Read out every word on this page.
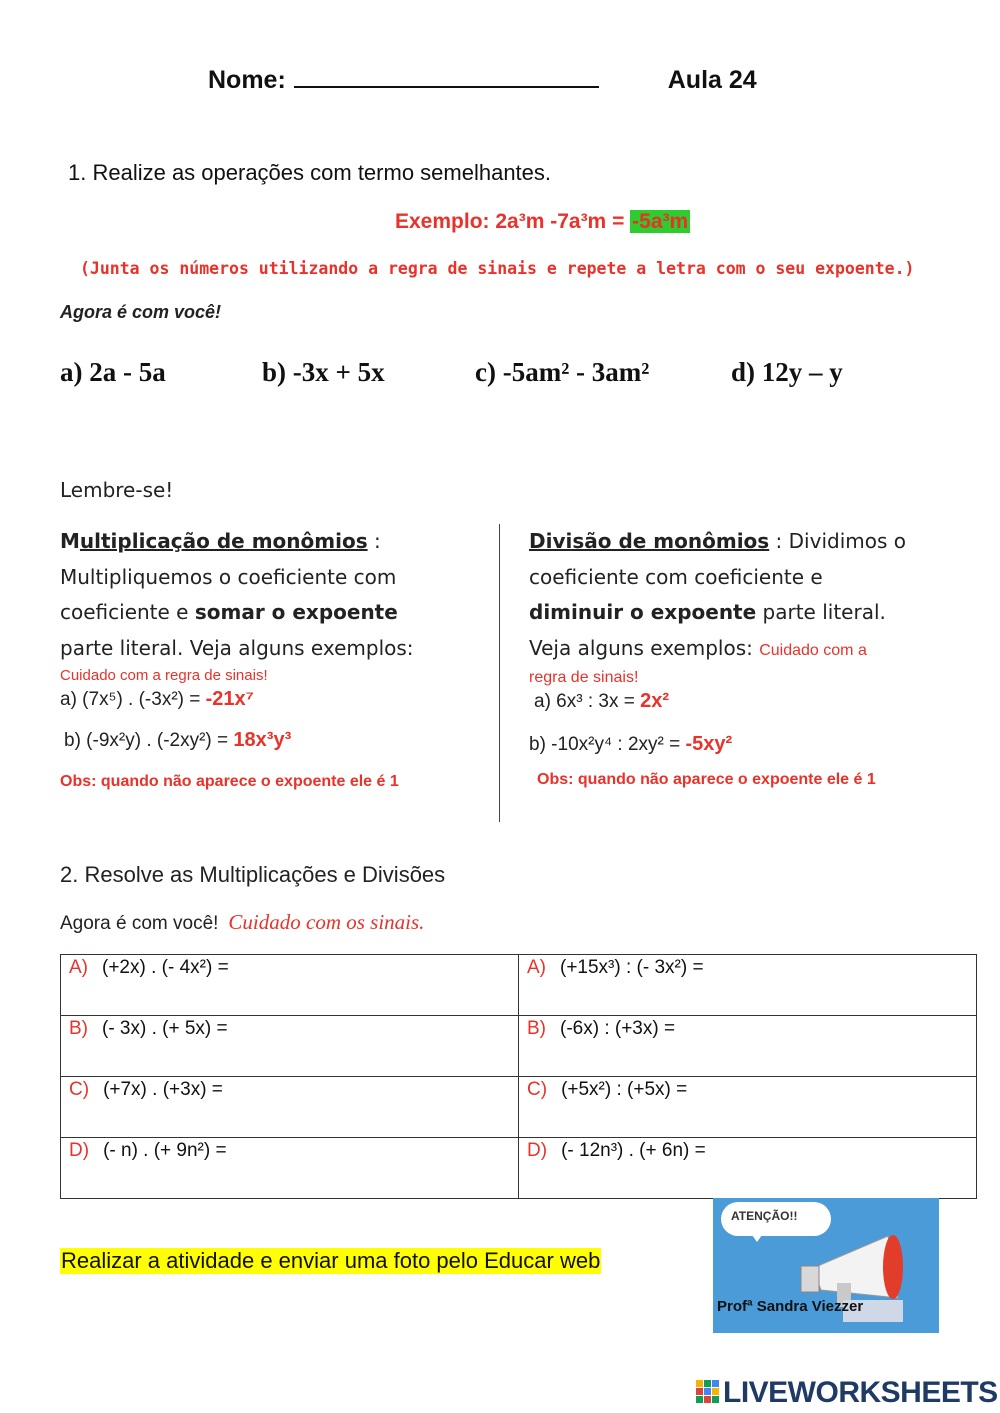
Nome:	Aula 24
1. Realize as operações com termo semelhantes.
Exemplo: 2a³m -7a³m = -5a³m
(Junta os números utilizando a regra de sinais e repete a letra com o seu expoente.)
Agora é com você!
a) 2a - 5a	b) -3x + 5x	c) -5am² - 3am²	d) 12y – y
Lembre-se!
Multiplicação de monômios :
Multipliquemos o coeficiente com
coeficiente e somar o expoente
parte literal. Veja alguns exemplos:
Cuidado com a regra de sinais!
a) (7x⁵) . (-3x²) = -21x⁷
b) (-9x²y) . (-2xy²) = 18x³y³
Obs: quando não aparece o expoente ele é 1
Divisão de monômios : Dividimos o
coeficiente com coeficiente e
diminuir o expoente parte literal.
Veja alguns exemplos: Cuidado com a
regra de sinais!
a) 6x³ : 3x = 2x²
b) -10x²y⁴ : 2xy² = -5xy²
Obs: quando não aparece o expoente ele é 1
2. Resolve as Multiplicações e Divisões
Agora é com você! Cuidado com os sinais.
A) (+2x) . (- 4x²) =	A) (+15x³) : (- 3x²) =
B) (- 3x) . (+ 5x) =	B) (-6x) : (+3x) =
C) (+7x) . (+3x) =	C) (+5x²) : (+5x) =
D) (- n) . (+ 9n²) =	D) (- 12n³) . (+ 6n) =
Realizar a atividade e enviar uma foto pelo Educar web
ATENÇÃO!!
Profª Sandra Viezzer
LIVEWORKSHEETS
